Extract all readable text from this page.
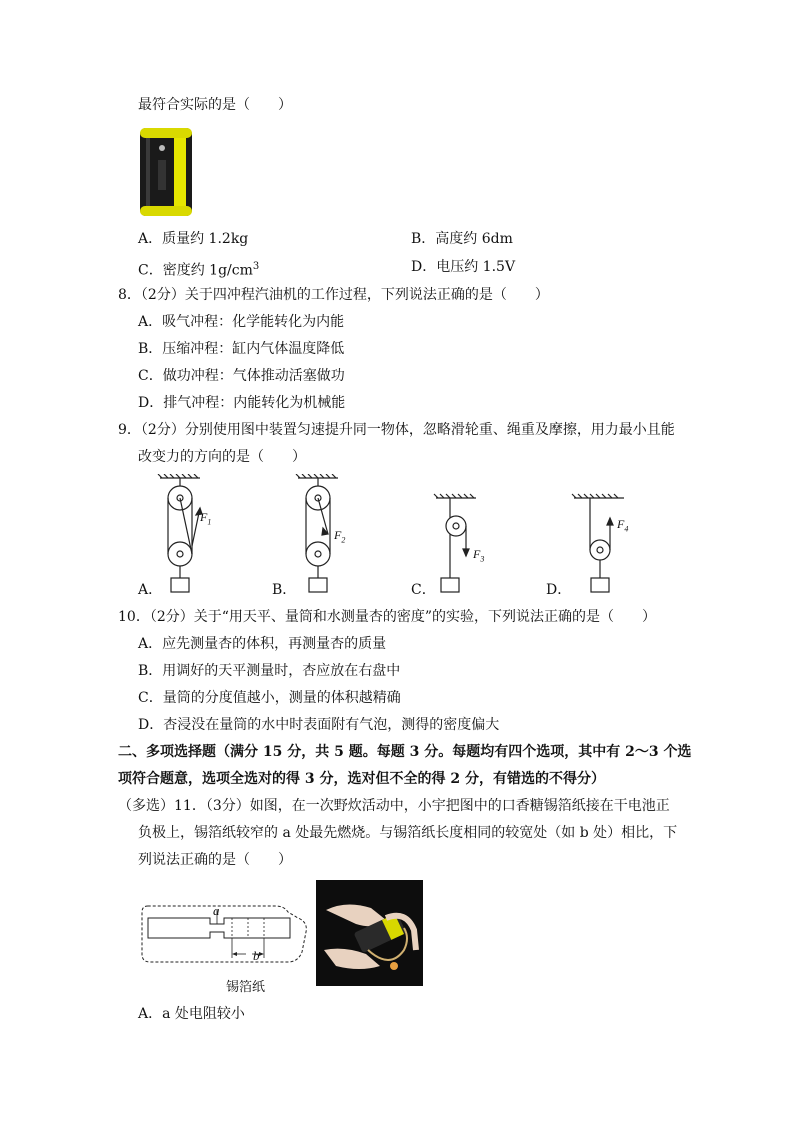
最符合实际的是（　　）
A．质量约 1.2kg	B．高度约 6dm
C．密度约 $1g/cm^3$	D．电压约 1.5V
8．（2分）关于四冲程汽油机的工作过程，下列说法正确的是（　　）
A．吸气冲程：化学能转化为内能
B．压缩冲程：缸内气体温度降低
C．做功冲程：气体推动活塞做功
D．排气冲程：内能转化为机械能
9．（2分）分别使用图中装置匀速提升同一物体，忽略滑轮重、绳重及摩擦，用力最小且能
改变力的方向的是（　　）
$F_1$
$F_2$
$F_3$
$F_4$
A．	B．	C．	D．
10．（2分）关于“用天平、量筒和水测量杏的密度”的实验，下列说法正确的是（　　）
A．应先测量杏的体积，再测量杏的质量
B．用调好的天平测量时，杏应放在右盘中
C．量筒的分度值越小，测量的体积越精确
D．杏浸没在量筒的水中时表面附有气泡，测得的密度偏大
二、多项选择题（满分 15 分，共 5 题。每题 3 分。每题均有四个选项，其中有 2～3 个选
项符合题意，选项全选对的得 3 分，选对但不全的得 2 分，有错选的不得分）
（多选）11．（3分）如图，在一次野炊活动中，小宇把图中的口香糖锡箔纸接在干电池正
负极上，锡箔纸较窄的 a 处最先燃烧。与锡箔纸长度相同的较宽处（如 b 处）相比，下
列说法正确的是（　　）
a
b
锡箔纸
A．a 处电阻较小
